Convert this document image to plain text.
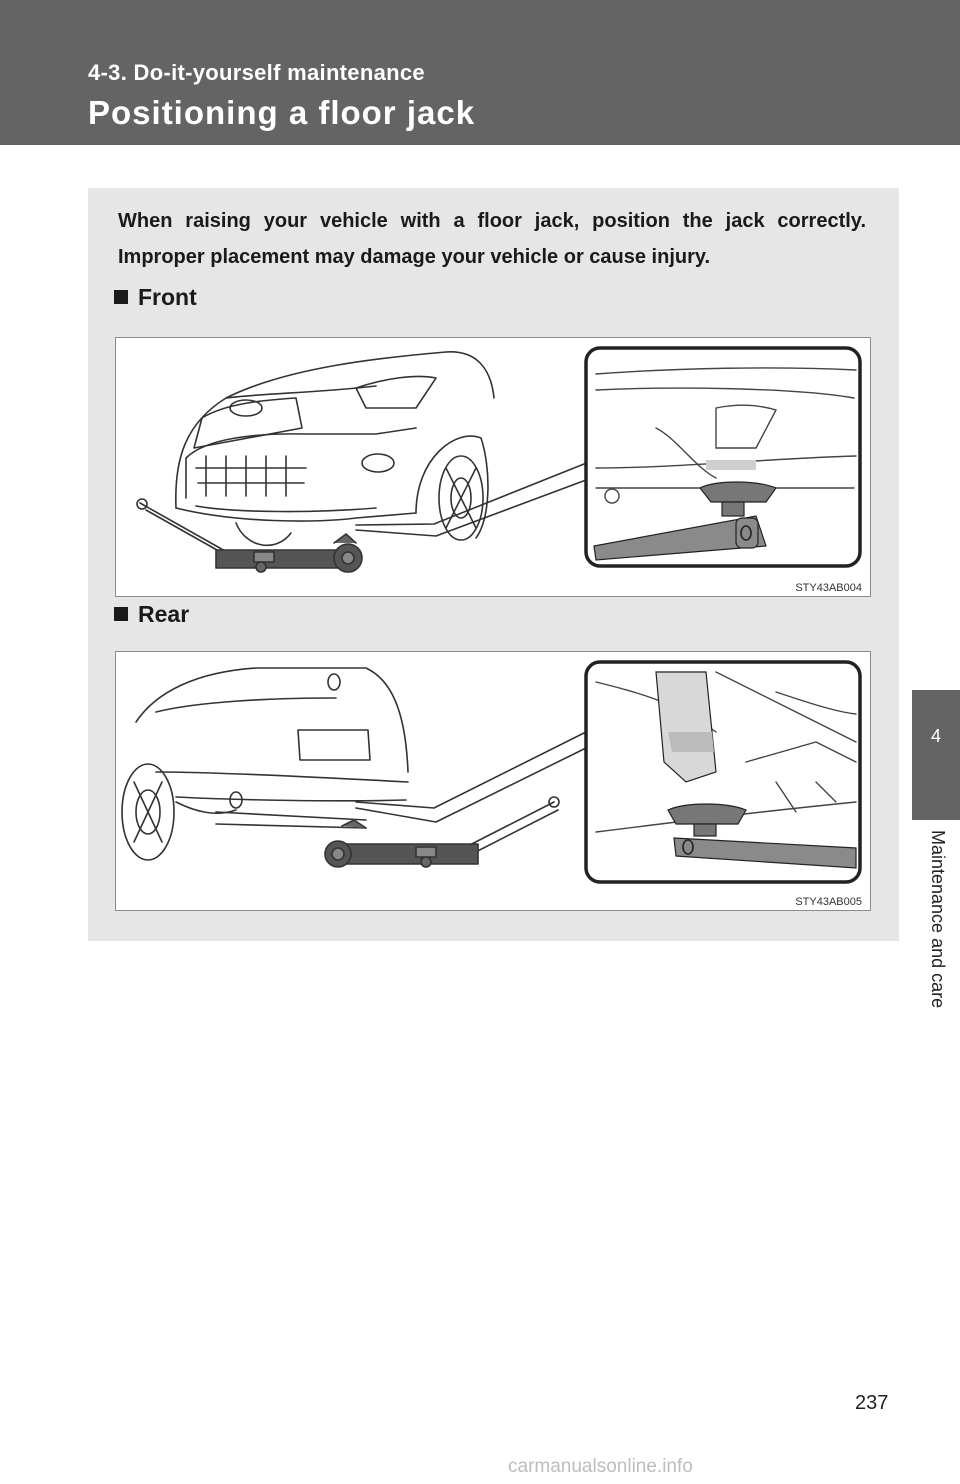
4-3. Do-it-yourself maintenance
Positioning a floor jack
4
Maintenance and care
When raising your vehicle with a floor jack, position the jack correctly. Improper placement may damage your vehicle or cause injury.
Front
STY43AB004
Rear
STY43AB005
237
carmanualsonline.info
